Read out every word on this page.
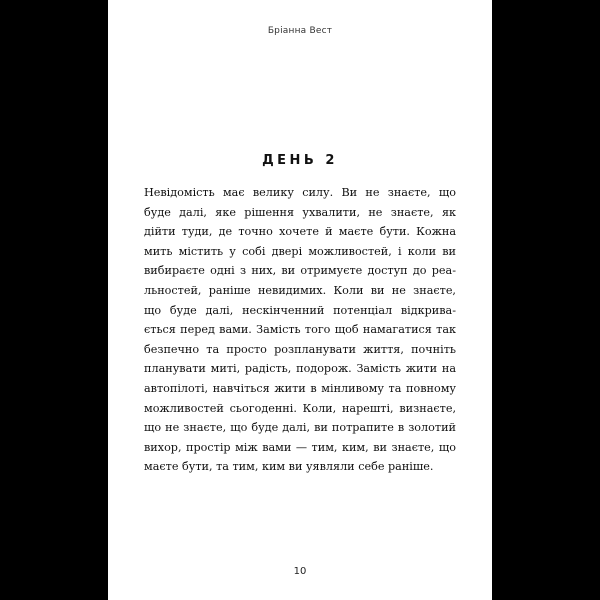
Бріанна Вест
ДЕНЬ 2
Невідомість має велику силу. Ви не знаєте, що
буде далі, яке рішення ухвалити, не знаєте, як
дійти туди, де точно хочете й маєте бути. Кожна
мить містить у собі двері можливостей, і коли ви
вибираєте одні з них, ви отримуєте доступ до реа-
льностей, раніше невидимих. Коли ви не знаєте,
що буде далі, нескінченний потенціал відкрива-
ється перед вами. Замість того щоб намагатися так
безпечно та просто розпланувати життя, почніть
планувати миті, радість, подорож. Замість жити на
автопілоті, навчіться жити в мінливому та повному
можливостей сьогоденні. Коли, нарешті, визнаєте,
що не знаєте, що буде далі, ви потрапите в золотий
вихор, простір між вами — тим, ким, ви знаєте, що
маєте бути, та тим, ким ви уявляли себе раніше.
10
